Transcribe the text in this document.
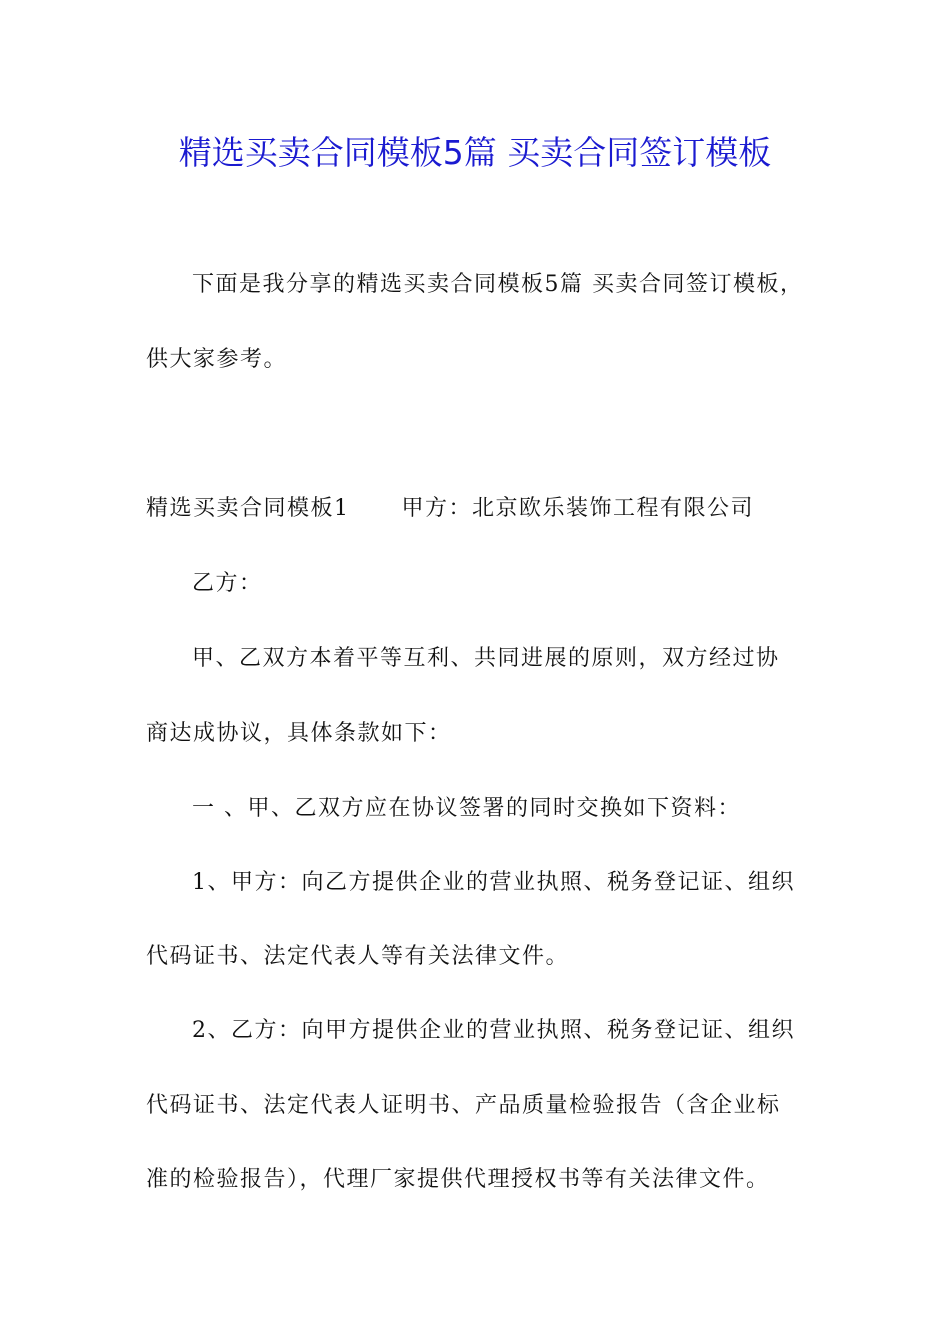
精选买卖合同模板5篇 买卖合同签订模板
下面是我分享的精选买卖合同模板5篇 买卖合同签订模板，
供大家参考。
精选买卖合同模板1 甲方：北京欧乐装饰工程有限公司
乙方：
甲、乙双方本着平等互利、共同进展的原则，双方经过协
商达成协议，具体条款如下：
一 、甲、乙双方应在协议签署的同时交换如下资料：
1、甲方：向乙方提供企业的营业执照、税务登记证、组织
代码证书、法定代表人等有关法律文件。
2、乙方：向甲方提供企业的营业执照、税务登记证、组织
代码证书、法定代表人证明书、产品质量检验报告（含企业标
准的检验报告），代理厂家提供代理授权书等有关法律文件。
